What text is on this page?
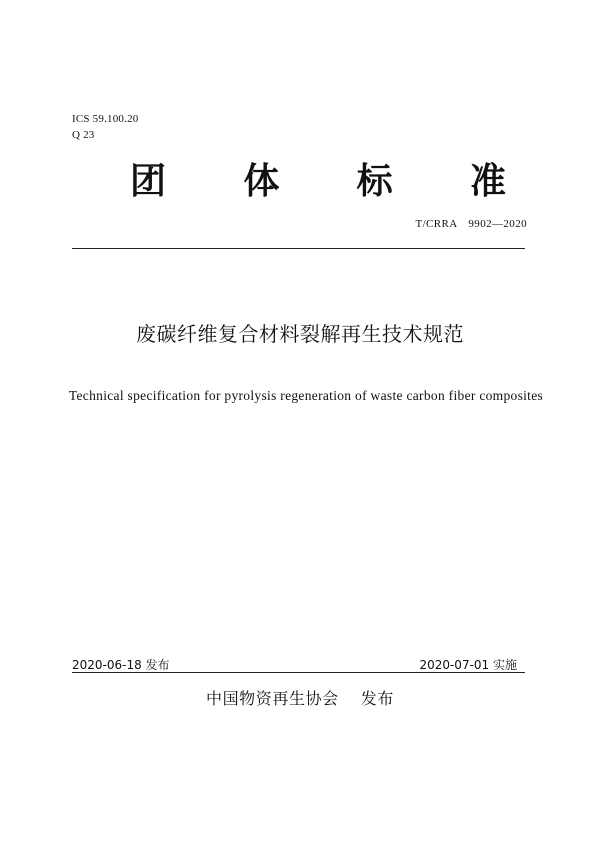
ICS 59.100.20
Q 23
团 体 标 准
T/CRRA　9902—2020
废碳纤维复合材料裂解再生技术规范
Technical specification for pyrolysis regeneration of waste carbon fiber composites
2020-06-18 发布	2020-07-01 实施
中国物资再生协会 发布
